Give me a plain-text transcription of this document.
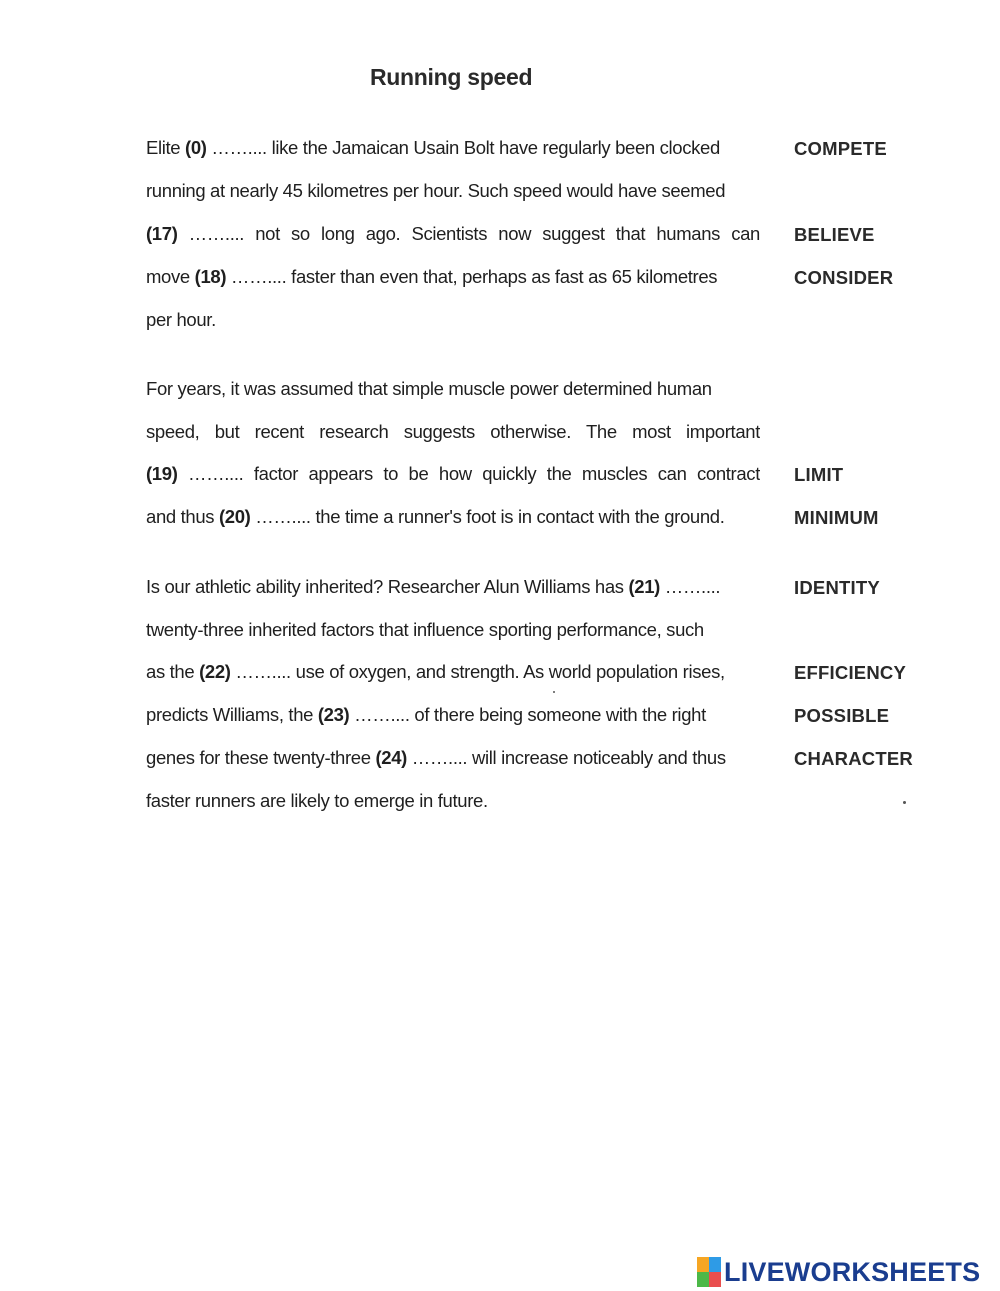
Running speed
Elite (0) …….... like the Jamaican Usain Bolt have regularly been clocked
running at nearly 45 kilometres per hour. Such speed would have seemed
(17) …….... not so long ago. Scientists now suggest that humans can
move (18) …….... faster than even that, perhaps as fast as 65 kilometres
per hour.
For years, it was assumed that simple muscle power determined human
speed, but recent research suggests otherwise. The most important
(19) …….... factor appears to be how quickly the muscles can contract
and thus (20) …….... the time a runner's foot is in contact with the ground.
Is our athletic ability inherited? Researcher Alun Williams has (21) ……....
twenty-three inherited factors that influence sporting performance, such
as the (22) …….... use of oxygen, and strength. As world population rises,
predicts Williams, the (23) …….... of there being someone with the right
genes for these twenty-three (24) …….... will increase noticeably and thus
faster runners are likely to emerge in future.
COMPETE
BELIEVE
CONSIDER
LIMIT
MINIMUM
IDENTITY
EFFICIENCY
POSSIBLE
CHARACTER
LIVEWORKSHEETS
